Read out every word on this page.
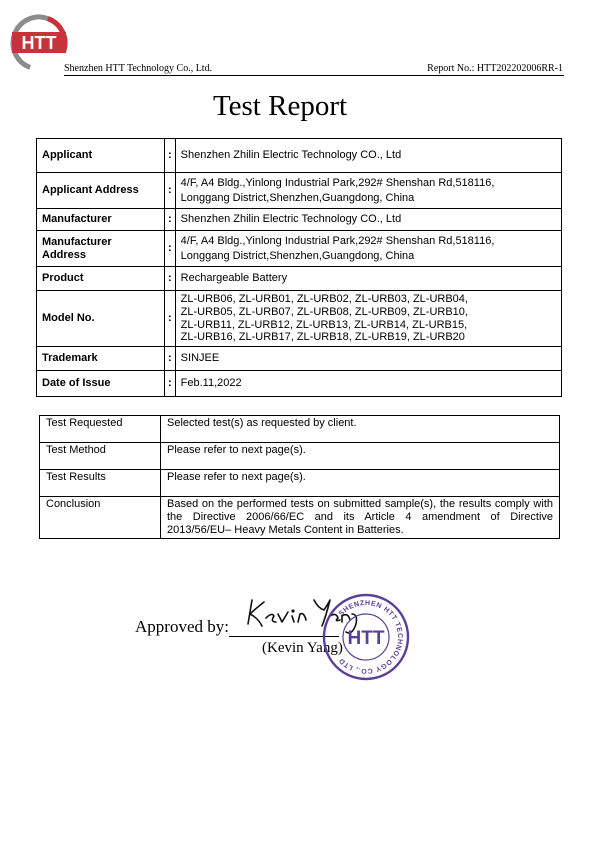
HTT
Shenzhen HTT Technology Co., Ltd.	Report No.: HTT202202006RR-1
Test Report
Applicant	:	Shenzhen Zhilin Electric Technology CO., Ltd
Applicant Address	:	4/F, A4 Bldg.,Yinlong Industrial Park,292# Shenshan Rd,518116,
Longgang District,Shenzhen,Guangdong, China
Manufacturer	:	Shenzhen Zhilin Electric Technology CO., Ltd
Manufacturer
Address	:	4/F, A4 Bldg.,Yinlong Industrial Park,292# Shenshan Rd,518116,
Longgang District,Shenzhen,Guangdong, China
Product	:	Rechargeable Battery
Model No.	:	ZL-URB06, ZL-URB01, ZL-URB02, ZL-URB03, ZL-URB04,
ZL-URB05, ZL-URB07, ZL-URB08, ZL-URB09, ZL-URB10,
ZL-URB11, ZL-URB12, ZL-URB13, ZL-URB14, ZL-URB15,
ZL-URB16, ZL-URB17, ZL-URB18, ZL-URB19, ZL-URB20
Trademark	:	SINJEE
Date of Issue	:	Feb.11,2022
Test Requested	Selected test(s) as requested by client.
Test Method	Please refer to next page(s).
Test Results	Please refer to next page(s).
Conclusion	Based on the performed tests on submitted sample(s), the results comply with the Directive 2006/66/EC and its Article 4 amendment of Directive 2013/56/EU– Heavy Metals Content in Batteries.
Approved by:
(Kevin Yang)
SHENZHEN HTT TECHNOLOGY CO., LTD
HTT
